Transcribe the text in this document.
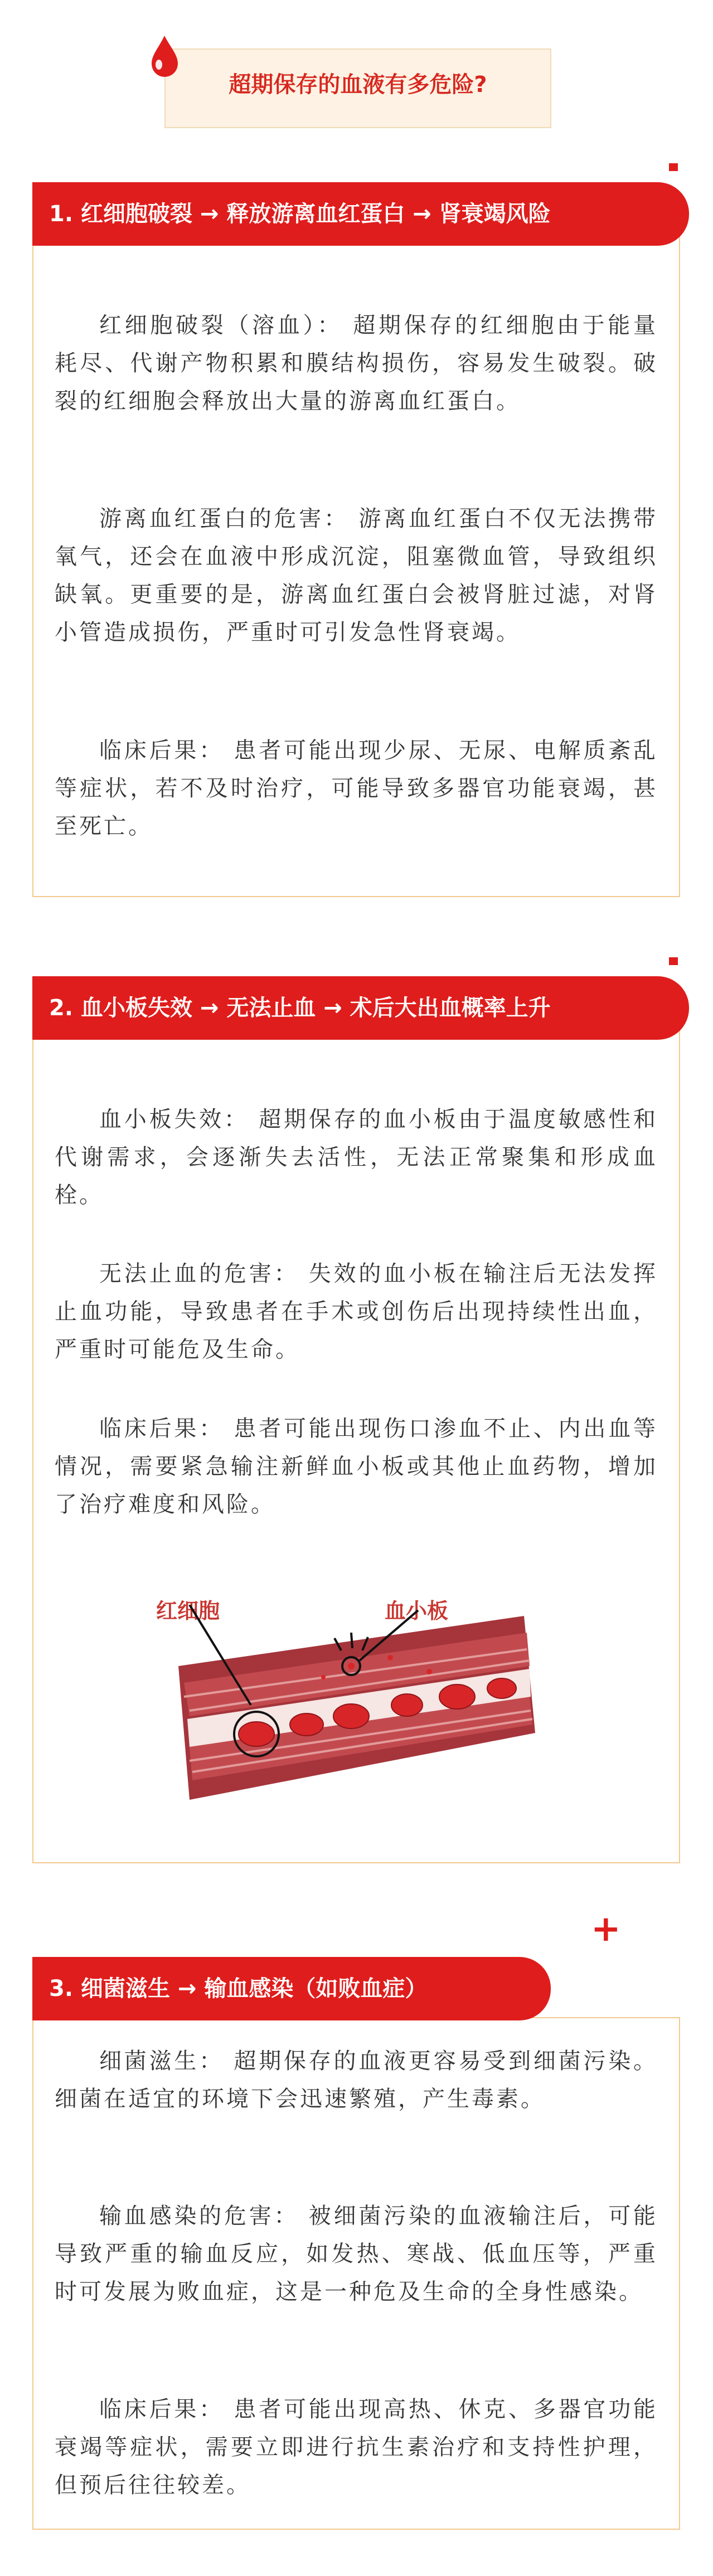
超期保存的血液有多危险?
1. 红细胞破裂 → 释放游离血红蛋白 → 肾衰竭风险
红细胞破裂（溶血）： 超期保存的红细胞由于能量耗尽、代谢产物积累和膜结构损伤，容易发生破裂。破裂的红细胞会释放出大量的游离血红蛋白。
游离血红蛋白的危害： 游离血红蛋白不仅无法携带氧气，还会在血液中形成沉淀，阻塞微血管，导致组织缺氧。更重要的是，游离血红蛋白会被肾脏过滤，对肾小管造成损伤，严重时可引发急性肾衰竭。
临床后果： 患者可能出现少尿、无尿、电解质紊乱等症状，若不及时治疗，可能导致多器官功能衰竭，甚至死亡。
2. 血小板失效 → 无法止血 → 术后大出血概率上升
血小板失效： 超期保存的血小板由于温度敏感性和代谢需求，会逐渐失去活性，无法正常聚集和形成血栓。
无法止血的危害： 失效的血小板在输注后无法发挥止血功能，导致患者在手术或创伤后出现持续性出血，严重时可能危及生命。
临床后果： 患者可能出现伤口渗血不止、内出血等情况，需要紧急输注新鲜血小板或其他止血药物，增加了治疗难度和风险。
红细胞	血小板
+
3. 细菌滋生 → 输血感染（如败血症）
细菌滋生： 超期保存的血液更容易受到细菌污染。细菌在适宜的环境下会迅速繁殖，产生毒素。
输血感染的危害： 被细菌污染的血液输注后，可能导致严重的输血反应，如发热、寒战、低血压等，严重时可发展为败血症，这是一种危及生命的全身性感染。
临床后果： 患者可能出现高热、休克、多器官功能衰竭等症状，需要立即进行抗生素治疗和支持性护理，但预后往往较差。
